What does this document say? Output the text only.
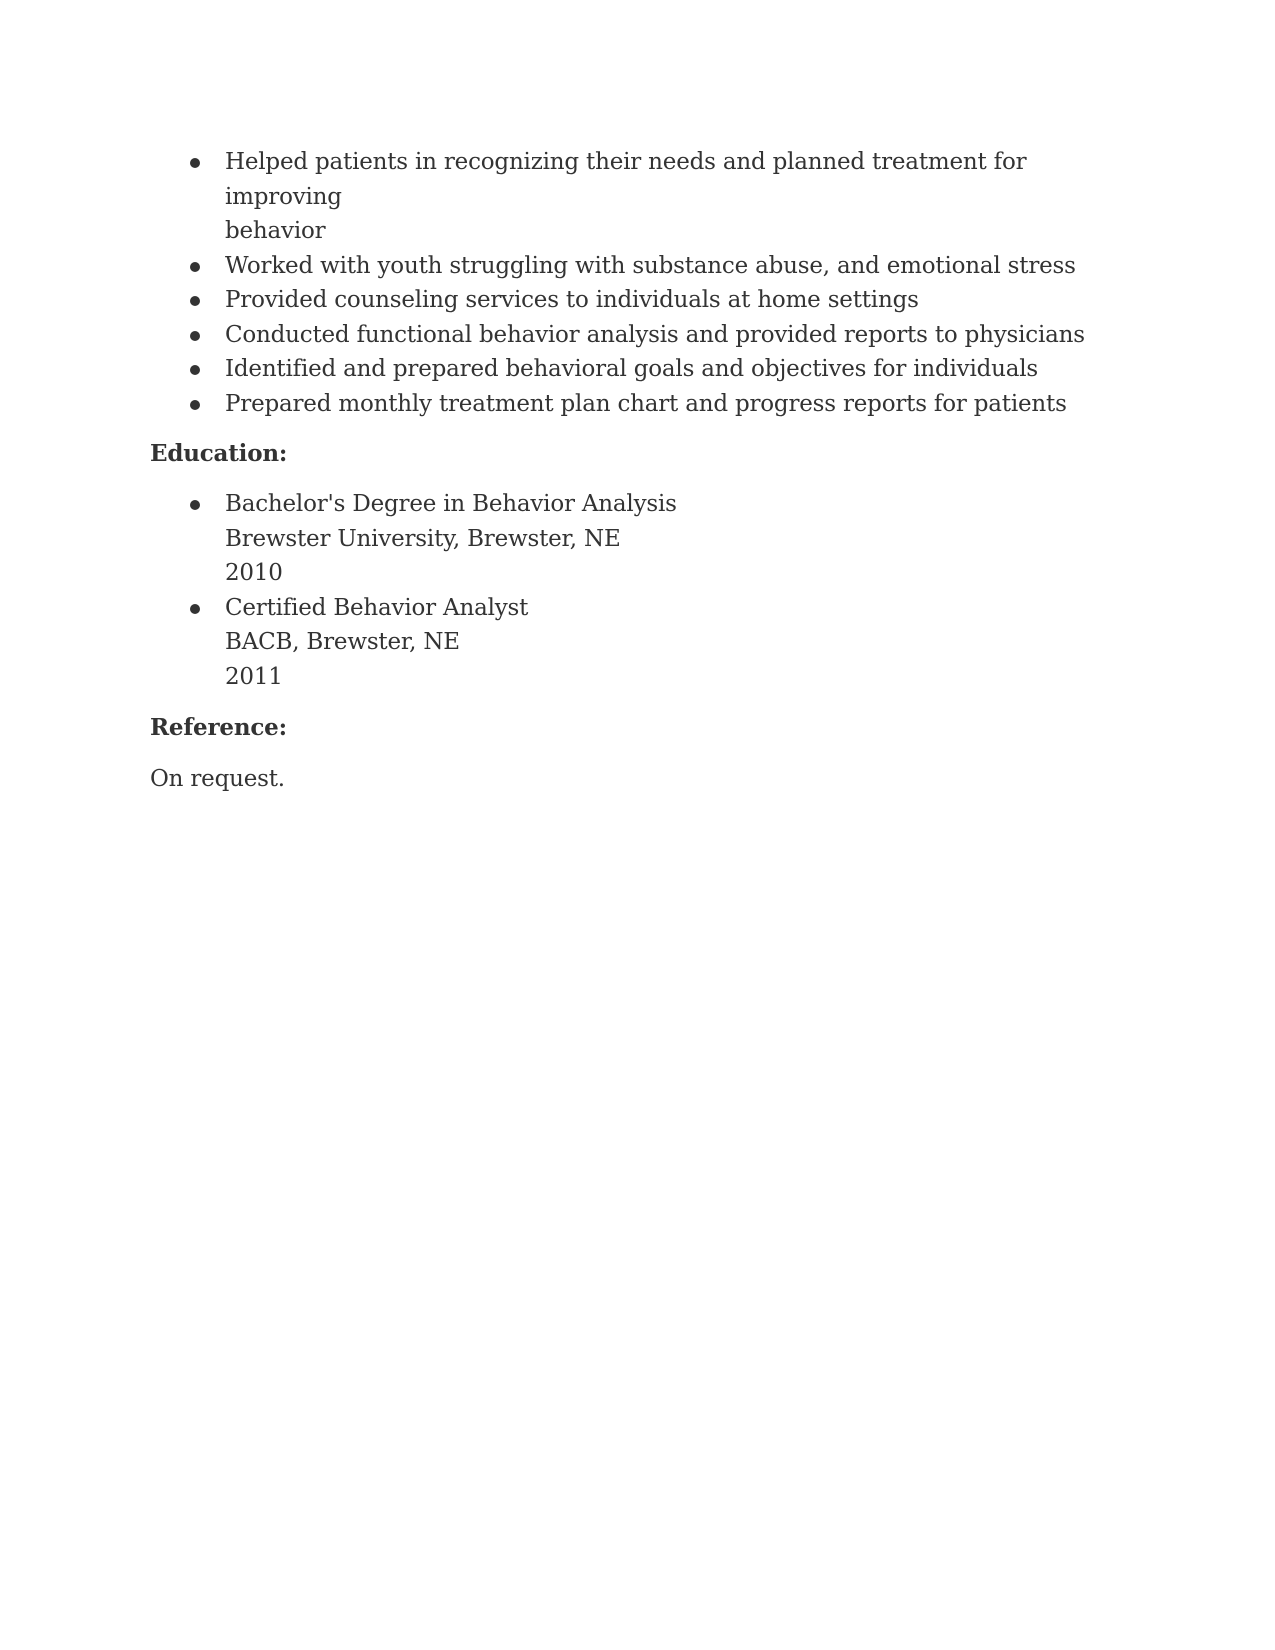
Helped patients in recognizing their needs and planned treatment for improving
behavior
Worked with youth struggling with substance abuse, and emotional stress
Provided counseling services to individuals at home settings
Conducted functional behavior analysis and provided reports to physicians
Identified and prepared behavioral goals and objectives for individuals
Prepared monthly treatment plan chart and progress reports for patients
Education:
Bachelor's Degree in Behavior Analysis
Brewster University, Brewster, NE
2010
Certified Behavior Analyst
BACB, Brewster, NE
2011
Reference:

On request.
